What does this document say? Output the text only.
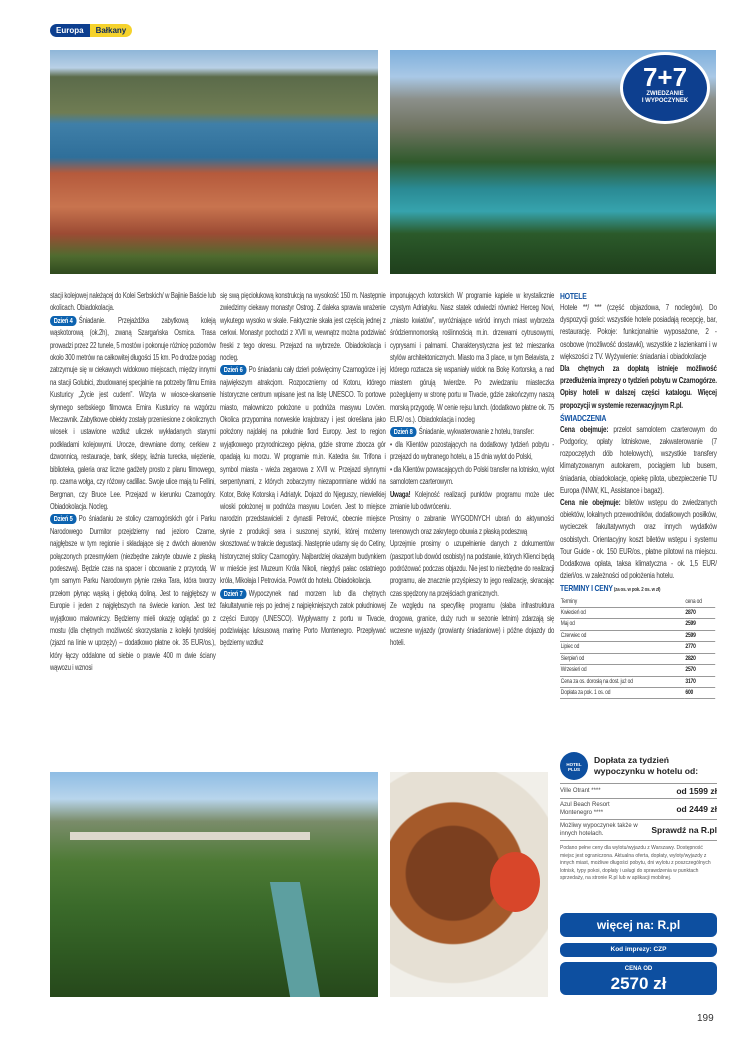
Europa	Bałkany
7+7
ZWIEDZANIE
I WYPOCZYNEK
stacji kolejowej należącej do Kolei Serbskich/ w Bajinie Baście lub okolicach. Obiadokolacja.
Dzień 4 Śniadanie. Przejażdżka zabytkową koleją wąskotorową (ok.2h), zwaną Szargańska Osmica. Trasa prowadzi przez 22 tunele, 5 mostów i pokonuje różnicę poziomów około 300 metrów na całkowitej długości 15 km. Po drodze pociąg zatrzymuje się w ciekawych widokowo miejscach, między innymi na stacji Golubici, zbudowanej specjalnie na potrzeby filmu Emira Kusturicy „Życie jest cudem”. Wizyta w wiosce-skansenie słynnego serbskiego filmowca Emira Kusturicy na wzgórzu Meczavnik. Zabytkowe obiekty zostały przeniesione z okolicznych wiosek i ustawione wzdłuż uliczek wykładanych starymi podkładami kolejowymi. Urocze, drewniane domy, cerkiew z dzwonnicą, restauracje, bank, sklepy, łaźnia turecka, więzienie, biblioteka, galeria oraz liczne gadżety prosto z planu filmowego, np. czarna wołga, czy różowy cadillac. Swoje ulice mają tu Fellini, Bergman, czy Bruce Lee. Przejazd w kierunku Czarnogóry. Obiadokolacja. Nocleg.
Dzień 5 Po śniadaniu ze stolicy czarnogórskich gór i Parku Narodowego Durmitor przejdziemy nad jezioro Czarne, najgłębsze w tym regionie i składające się z dwóch akwenów połączonych przesmykiem (niezbędne zakryte obuwie z płaską podeszwą). Będzie czas na spacer i obcowanie z przyrodą. W tym samym Parku Narodowym płynie rzeka Tara, która tworzy przełom płynąc wąską i głęboką doliną. Jest to najgłębszy w Europie i jeden z najgłębszych na świecie kanion. Jest też wyjątkowo malowniczy. Będziemy mieli okazję oglądać go z mostu (dla chętnych możliwość skorzystania z kolejki tyrolskiej (zjazd na linie w uprzęży) – dodatkowo płatne ok. 35 EUR/os.), który łączy oddalone od siebie o prawie 400 m dwie ściany wąwozu i wznosi
się swą pięciołukową konstrukcją na wysokość 150 m. Następnie zwiedzimy ciekawy monastyr Ostrog. Z daleka sprawia wrażenie wykutego wysoko w skale. Faktycznie skała jest częścią jednej z cerkwi. Monastyr pochodzi z XVII w, wewnątrz można podziwiać freski z tego okresu. Przejazd na wybrzeże. Obiadokolacja i nocleg.
Dzień 6 Po śniadaniu cały dzień poświęcimy Czarnogórze i jej największym atrakcjom. Rozpoczniemy od Kotoru, którego historyczne centrum wpisane jest na listę UNESCO. To portowe miasto, malowniczo położone u podnóża masywu Lovćen. Okolica przypomina norweskie krajobrazy i jest określana jako położony najdalej na południe fiord Europy. Jest to region wyjątkowego przyrodniczego piękna, gdzie strome zbocza gór opadają ku morzu. W programie m.in. Katedra św. Trifona i symbol miasta - wieża zegarowa z XVII w. Przejazd słynnymi serpentynami, z których zobaczymy niezapomniane widoki na Kotor, Bokę Kotorską i Adriatyk. Dojazd do Njeguszy, niewielkiej wioski położonej w podnóża masywu Lovćen. Jest to miejsce narodzin przedstawicieli z dynastii Petrović, obecnie miejsce słynie z produkcji sera i suszonej szynki, której możemy skosztować w trakcie degustacji. Następnie udamy się do Cetiny, historycznej stolicy Czarnogóry. Najbardziej okazałym budynkiem w mieście jest Muzeum Króla Nikoli, niegdyś pałac ostatniego króla, Mikołaja I Petrovicia. Powrót do hotelu. Obiadokolacja.
Dzień 7 Wypoczynek nad morzem lub dla chętnych fakultatywnie rejs po jednej z najpiękniejszych zatok południowej części Europy (UNESCO). Wypływamy z portu w Tivacie, podziwiając luksusową marinę Porto Montenegro. Przepływać będziemy wzdłuż
imponujących kotorskich W programie kąpiele w krystalicznie czystym Adriatyku. Nasz statek odwiedzi również Herceg Novi, „miasto kwiatów”, wyróżniające wśród innych miast wybrzeża śródziemnomorską roślinnością m.in. drzewami cytrusowymi, cyprysami i palmami. Charakterystyczna jest też mieszanka stylów architektonicznych. Miasto ma 3 place, w tym Belavista, z którego roztacza się wspaniały widok na Bokę Kortorską, a nad miastem górują twierdze. Po zwiedzaniu miasteczka pożeglujemy w stronę portu w Tivacie, gdzie zakończymy naszą morską przygodę. W cenie rejsu lunch. (dodatkowo płatne ok. 75 EUR/ os.). Obiadokolacja i nocleg
Dzień 8 Śniadanie, wykwaterowanie z hotelu, transfer:
• dla Klientów pozostających na dodatkowy tydzień pobytu - przejazd do wybranego hotelu, a 15 dnia wylot do Polski,
• dla Klientów powracających do Polski transfer na lotnisko, wylot samolotem czarterowym.
Uwaga! Kolejność realizacji punktów programu może ulec zmianie lub odwróceniu.
Prosimy o zabranie WYGODNYCH ubrań do aktywności terenowych oraz zakrytego obuwia z płaską podeszwą
Uprzejmie prosimy o uzupełnienie danych z dokumentów (paszport lub dowód osobisty) na podstawie, których Klienci będą podróżować podczas objazdu. Nie jest to niezbędne do realizacji programu, ale znacznie przyśpieszy to jego realizację, skracając czas spędzony na przejściach granicznych.
Ze względu na specyfikę programu (słaba infrastruktura drogowa, granice, duży ruch w sezonie letnim) zdarzają się wczesne wyjazdy (prowianty śniadaniowe) i późne dojazdy do hoteli.
HOTELE
Hotele **/ *** (część objazdowa, 7 noclegów). Do dyspozycji gości: wszystkie hotele posiadają recepcję, bar, restaurację. Pokoje: funkcjonalnie wyposażone, 2 - osobowe (możliwość dostawki), wszystkie z łazienkami i w większości z TV. Wyżywienie: śniadania i obiadokolacje
Dla chętnych za dopłatą istnieje możliwość przedłużenia imprezy o tydzień pobytu w Czarnogórze. Opisy hoteli w dalszej części katalogu. Więcej propozycji w systemie rezerwacyjnym R.pl.
ŚWIADCZENIA
Cena obejmuje: przelot samolotem czarterowym do Podgoricy, opłaty lotniskowe, zakwaterowanie (7 rozpoczętych dób hotelowych), wszystkie transfery klimatyzowanym autokarem, pociągiem lub busem, śniadania, obiadokolacje, opiekę pilota, ubezpieczenie TU Europa (NNW, KL, Assistance i bagaż).
Cena nie obejmuje: biletów wstępu do zwiedzanych obiektów, lokalnych przewodników, dodatkowych posiłków, wycieczek fakultatywnych oraz innych wydatków osobistych. Orientacyjny koszt biletów wstępu i systemu Tour Guide - ok. 150 EUR/os., płatne pilotowi na miejscu. Dodatkowa opłata, taksa klimatyczna - ok. 1,5 EUR/ dzień/os. w zależności od położenia hotelu.
TERMINY I CENY (za os. w pok. 2 os. w zł)
Terminy	cena od
Kwiecień od	2870
Maj od	2599
Czerwiec od	2599
Lipiec od	2770
Sierpień od	2820
Wrzesień od	2570
Cena za os. dorosłą na dost. już od	3170
Dopłata za pok. 1 os. od	600
HOTEL PLUS
Dopłata za tydzień wypoczynku w hotelu od:
Ville Otrant ****	od 1599 zł
Azul Beach Resort Montenegro ****	od 2449 zł
Możliwy wypoczynek także w innych hotelach.	Sprawdź na R.pl
Podano pełne ceny dla wylotu/wyjazdu z Warszawy. Dostępność miejsc jest ograniczona. Aktualna oferta, dopłaty, wyloty/wyjazdy z innych miast, możliwe długości pobytu, dni wylotu z poszczególnych lotnisk, typy pokoi, dopłaty i usługi do sprawdzenia w punktach sprzedaży, na stronie R.pl lub w aplikacji mobilnej.
więcej na: R.pl
Kod imprezy: CZP
CENA OD
2570 zł
199
